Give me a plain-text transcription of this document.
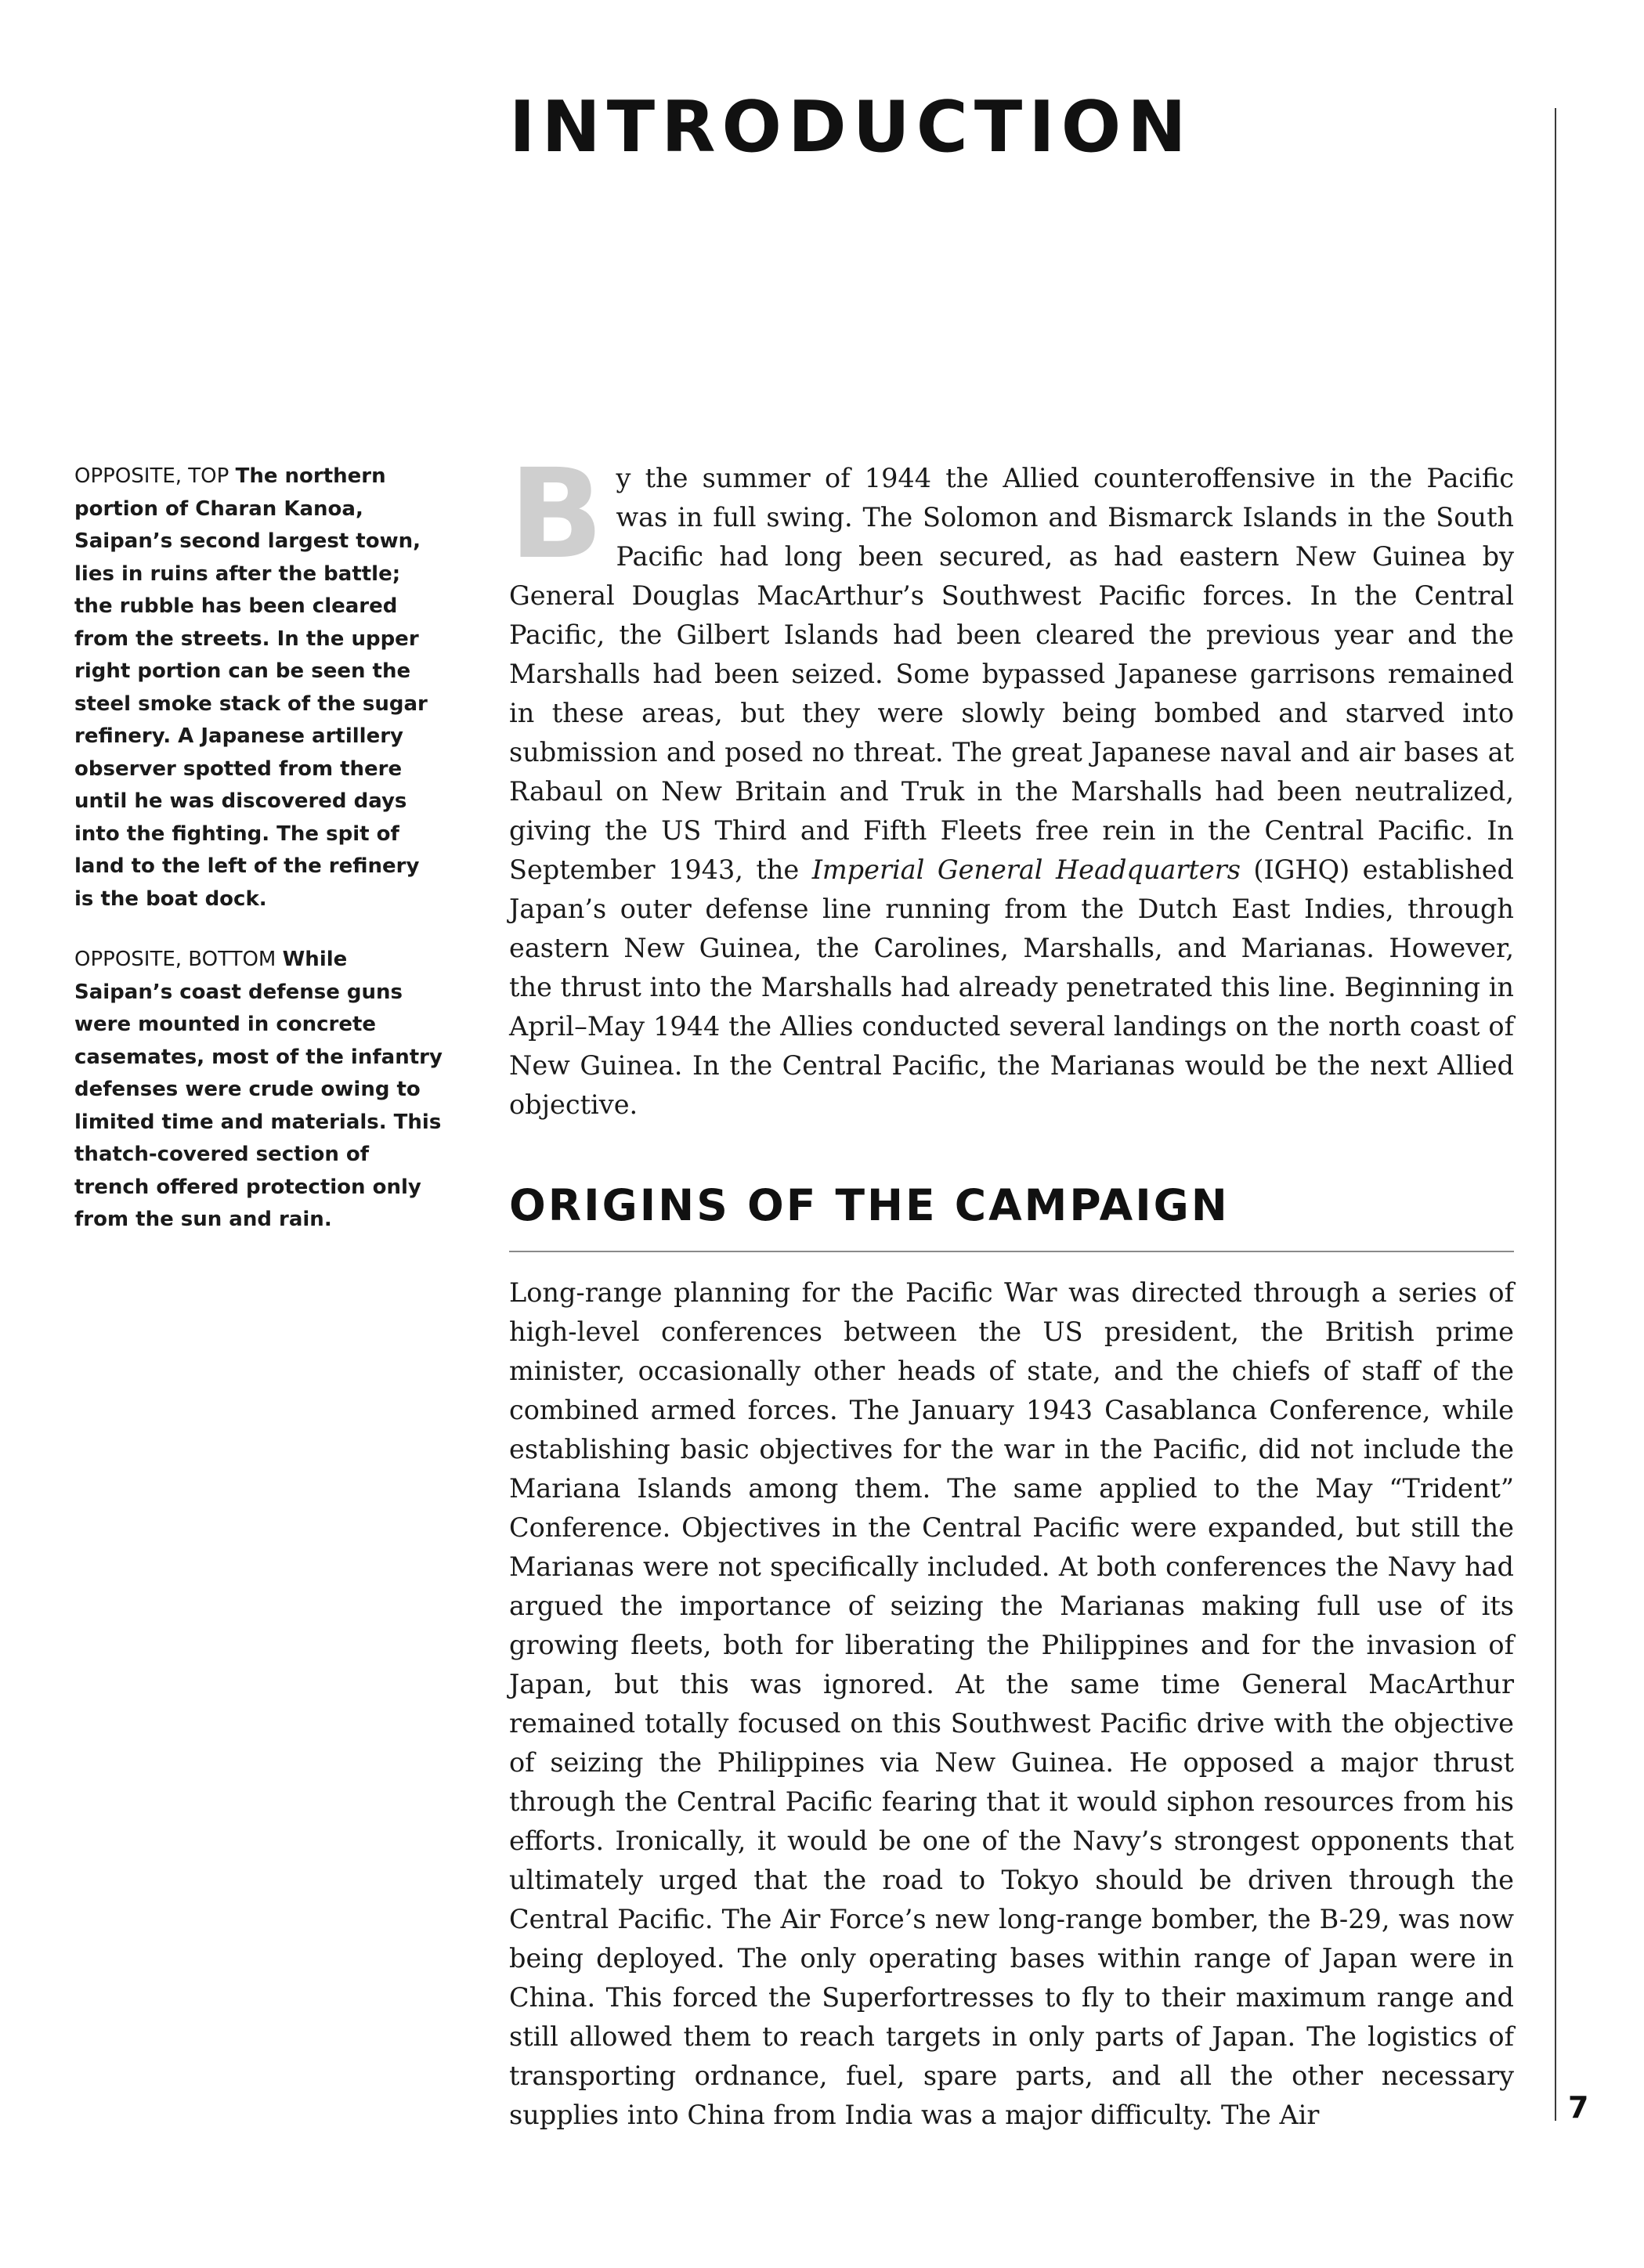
INTRODUCTION
7

OPPOSITE, TOP The northern portion of Charan Kanoa, Saipan’s second largest town, lies in ruins after the battle; the rubble has been cleared from the streets. In the upper right portion can be seen the steel smoke stack of the sugar refinery. A Japanese artillery observer spotted from there until he was discovered days into the fighting. The spit of land to the left of the refinery is the boat dock.

OPPOSITE, BOTTOM While Saipan’s coast defense guns were mounted in concrete casemates, most of the infantry defenses were crude owing to limited time and materials. This thatch-covered section of trench offered protection only from the sun and rain.

By the summer of 1944 the Allied counteroffensive in the Pacific was in full swing. The Solomon and Bismarck Islands in the South Pacific had long been secured, as had eastern New Guinea by General Douglas MacArthur’s Southwest Pacific forces. In the Central Pacific, the Gilbert Islands had been cleared the previous year and the Marshalls had been seized. Some bypassed Japanese garrisons remained in these areas, but they were slowly being bombed and starved into submission and posed no threat. The great Japanese naval and air bases at Rabaul on New Britain and Truk in the Marshalls had been neutralized, giving the US Third and Fifth Fleets free rein in the Central Pacific. In September 1943, the Imperial General Headquarters (IGHQ) established Japan’s outer defense line running from the Dutch East Indies, through eastern New Guinea, the Carolines, Marshalls, and Marianas. However, the thrust into the Marshalls had already penetrated this line. Beginning in April–May 1944 the Allies conducted several landings on the north coast of New Guinea. In the Central Pacific, the Marianas would be the next Allied objective.

ORIGINS OF THE CAMPAIGN

Long-range planning for the Pacific War was directed through a series of high-level conferences between the US president, the British prime minister, occasionally other heads of state, and the chiefs of staff of the combined armed forces. The January 1943 Casablanca Conference, while establishing basic objectives for the war in the Pacific, did not include the Mariana Islands among them. The same applied to the May “Trident” Conference. Objectives in the Central Pacific were expanded, but still the Marianas were not specifically included. At both conferences the Navy had argued the importance of seizing the Marianas making full use of its growing fleets, both for liberating the Philippines and for the invasion of Japan, but this was ignored. At the same time General MacArthur remained totally focused on this Southwest Pacific drive with the objective of seizing the Philippines via New Guinea. He opposed a major thrust through the Central Pacific fearing that it would siphon resources from his efforts. Ironically, it would be one of the Navy’s strongest opponents that ultimately urged that the road to Tokyo should be driven through the Central Pacific. The Air Force’s new long-range bomber, the B-29, was now being deployed. The only operating bases within range of Japan were in China. This forced the Superfortresses to fly to their maximum range and still allowed them to reach targets in only parts of Japan. The logistics of transporting ordnance, fuel, spare parts, and all the other necessary supplies into China from India was a major difficulty. The Air
